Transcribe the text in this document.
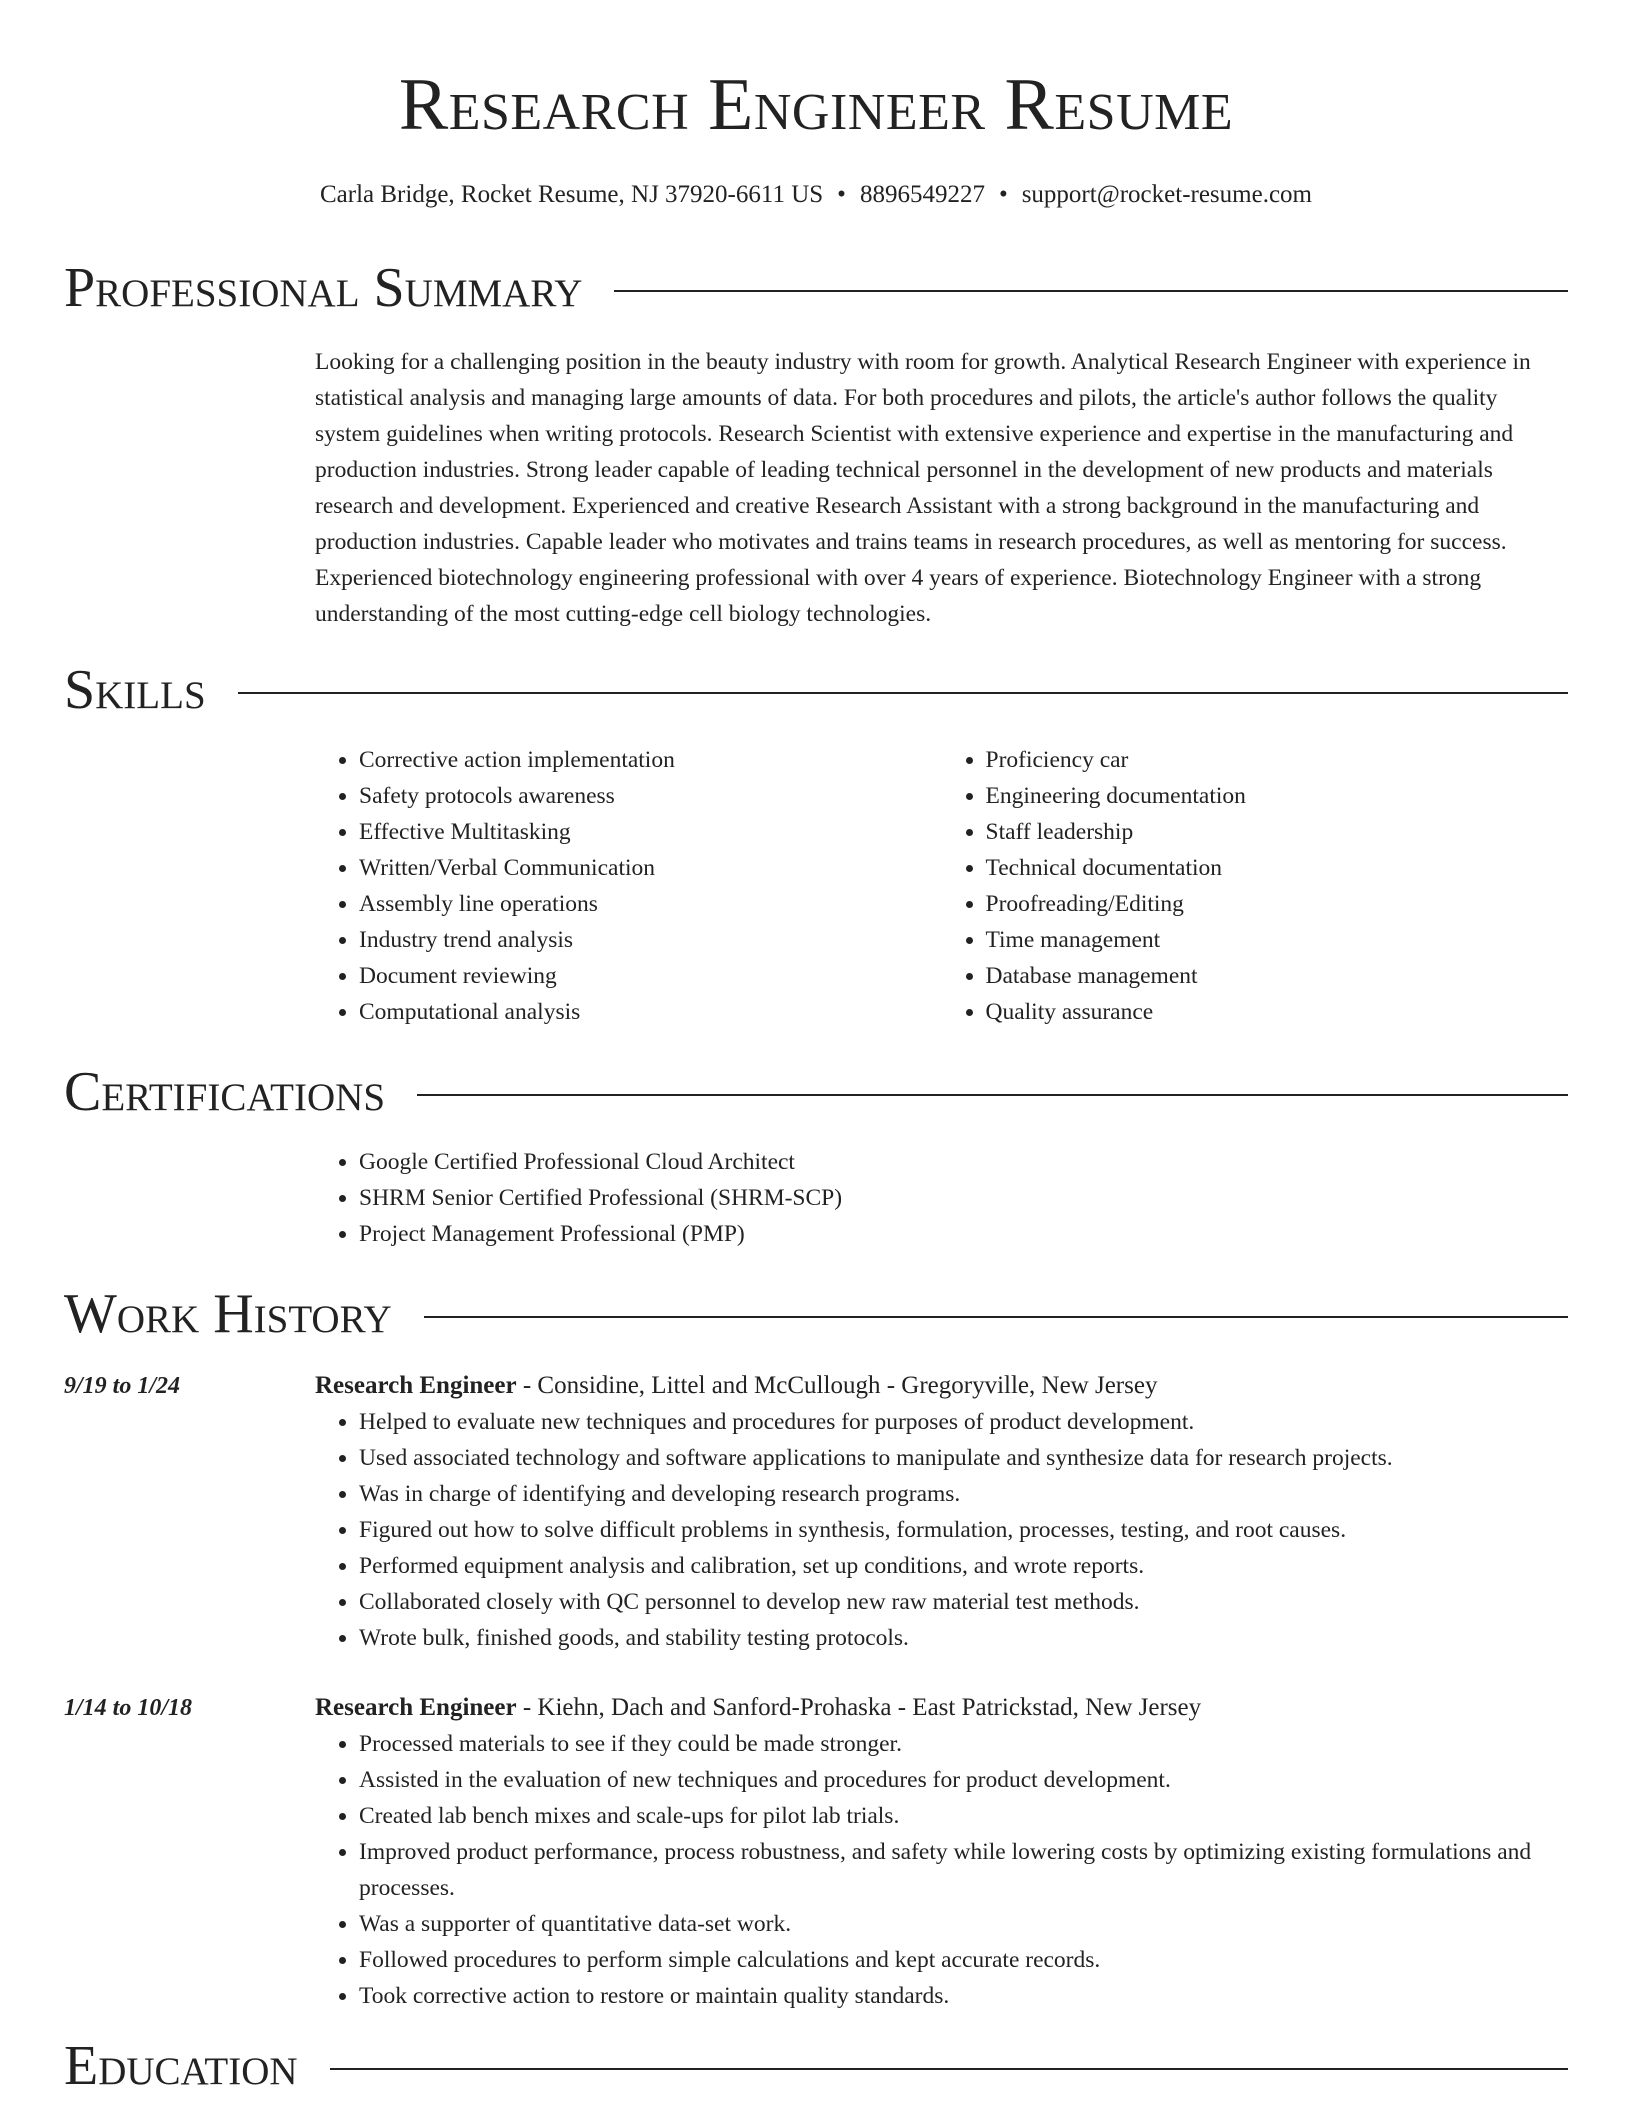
Research Engineer Resume
Carla Bridge, Rocket Resume, NJ 37920-6611 US • 8896549227 • support@rocket-resume.com
Professional Summary
Looking for a challenging position in the beauty industry with room for growth. Analytical Research Engineer with experience in statistical analysis and managing large amounts of data. For both procedures and pilots, the article's author follows the quality system guidelines when writing protocols. Research Scientist with extensive experience and expertise in the manufacturing and production industries. Strong leader capable of leading technical personnel in the development of new products and materials research and development. Experienced and creative Research Assistant with a strong background in the manufacturing and production industries. Capable leader who motivates and trains teams in research procedures, as well as mentoring for success. Experienced biotechnology engineering professional with over 4 years of experience. Biotechnology Engineer with a strong understanding of the most cutting-edge cell biology technologies.
Skills
• Corrective action implementation
• Safety protocols awareness
• Effective Multitasking
• Written/Verbal Communication
• Assembly line operations
• Industry trend analysis
• Document reviewing
• Computational analysis
• Proficiency car
• Engineering documentation
• Staff leadership
• Technical documentation
• Proofreading/Editing
• Time management
• Database management
• Quality assurance
Certifications
• Google Certified Professional Cloud Architect
• SHRM Senior Certified Professional (SHRM-SCP)
• Project Management Professional (PMP)
Work History
9/19 to 1/24	Research Engineer - Considine, Littel and McCullough - Gregoryville, New Jersey
• Helped to evaluate new techniques and procedures for purposes of product development.
• Used associated technology and software applications to manipulate and synthesize data for research projects.
• Was in charge of identifying and developing research programs.
• Figured out how to solve difficult problems in synthesis, formulation, processes, testing, and root causes.
• Performed equipment analysis and calibration, set up conditions, and wrote reports.
• Collaborated closely with QC personnel to develop new raw material test methods.
• Wrote bulk, finished goods, and stability testing protocols.
1/14 to 10/18	Research Engineer - Kiehn, Dach and Sanford-Prohaska - East Patrickstad, New Jersey
• Processed materials to see if they could be made stronger.
• Assisted in the evaluation of new techniques and procedures for product development.
• Created lab bench mixes and scale-ups for pilot lab trials.
• Improved product performance, process robustness, and safety while lowering costs by optimizing existing formulations and processes.
• Was a supporter of quantitative data-set work.
• Followed procedures to perform simple calculations and kept accurate records.
• Took corrective action to restore or maintain quality standards.
Education
